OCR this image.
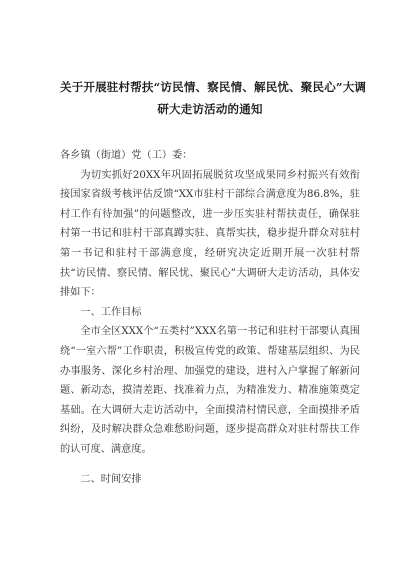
关于开展驻村帮扶“访民情、察民情、解民忧、聚民心”大调
研大走访活动的通知

各乡镇（街道）党（工）委：

为切实抓好20XX年巩固拓展脱贫攻坚成果同乡村振兴有效衔接国家省级考核评估反馈“XX市驻村干部综合满意度为86.8%，驻村工作有待加强”的问题整改，进一步压实驻村帮扶责任，确保驻村第一书记和驻村干部真蹲实驻、真帮实扶，稳步提升群众对驻村第一书记和驻村干部满意度，经研究决定近期开展一次驻村帮扶“访民情、察民情、解民忧、聚民心”大调研大走访活动，具体安排如下：

一、工作目标

全市全区XXX个“五类村”XXX名第一书记和驻村干部要认真围绕“一室六帮”工作职责，积极宣传党的政策、帮建基层组织、为民办事服务、深化乡村治理、加强党的建设，进村入户掌握了解新问题、新动态，摸清差距、找准着力点，为精准发力、精准施策奠定基础。在大调研大走访活动中，全面摸清村情民意，全面摸排矛盾纠纷，及时解决群众急难愁盼问题，逐步提高群众对驻村帮扶工作的认可度、满意度。

二、时间安排
